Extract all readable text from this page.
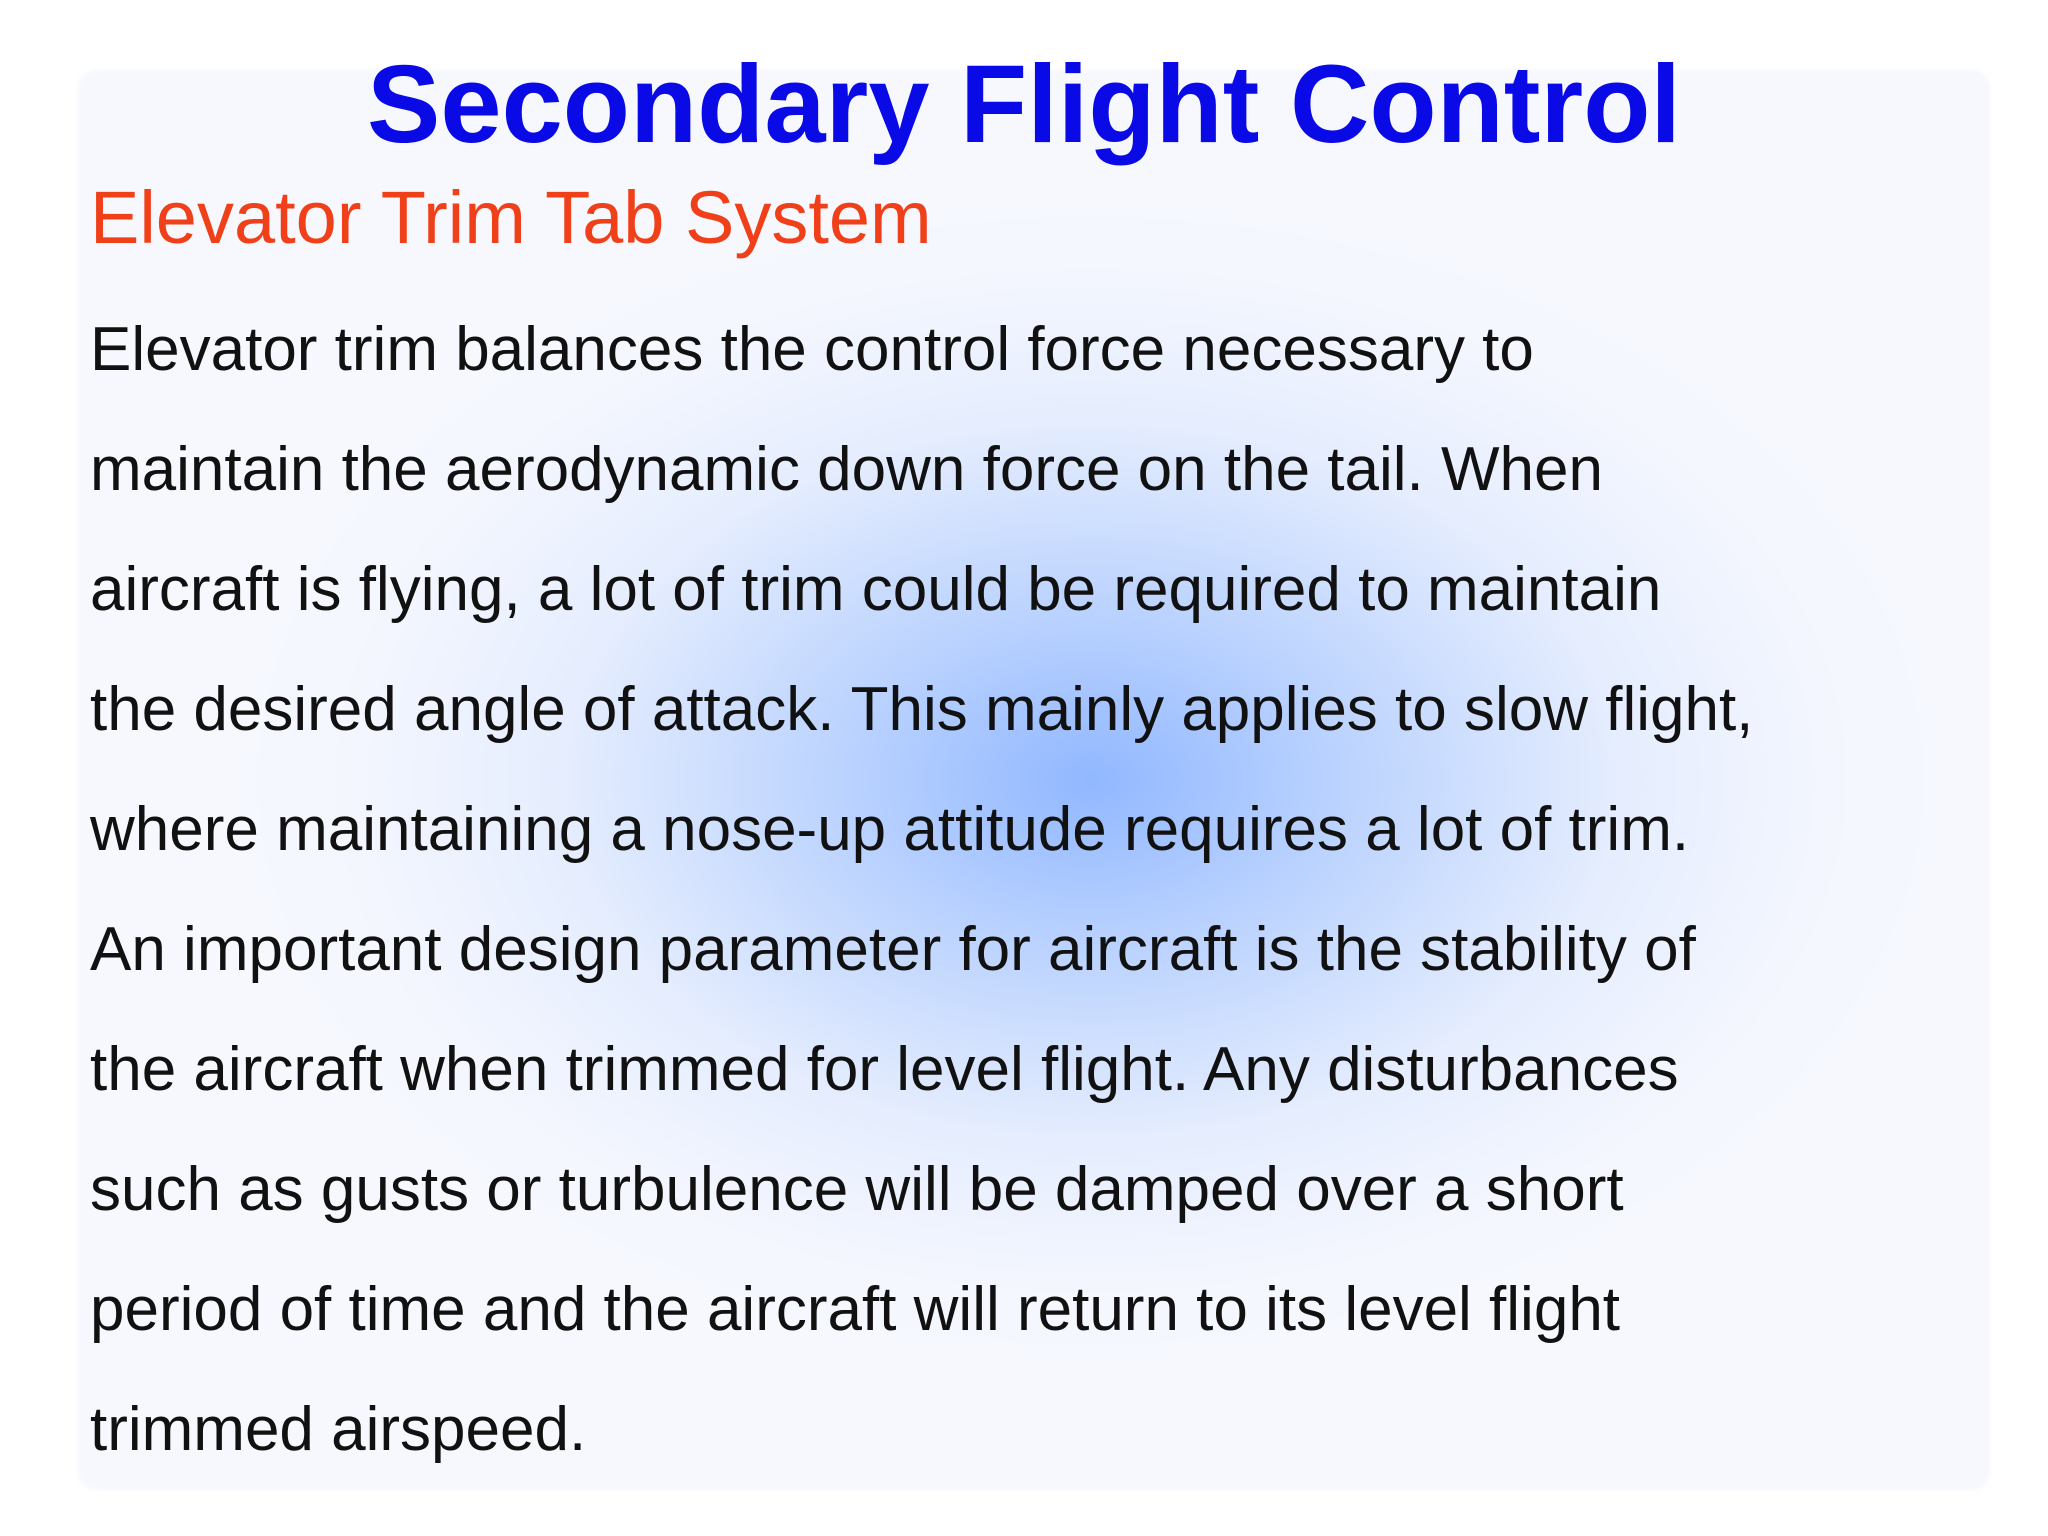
Secondary Flight Control
Elevator Trim Tab System
Elevator trim balances the control force necessary to
maintain the aerodynamic down force on the tail. When
aircraft is flying, a lot of trim could be required to maintain
the desired angle of attack. This mainly applies to slow flight,
where maintaining a nose-up attitude requires a lot of trim.
An important design parameter for aircraft is the stability of
the aircraft when trimmed for level flight. Any disturbances
such as gusts or turbulence will be damped over a short
period of time and the aircraft will return to its level flight
trimmed airspeed.
